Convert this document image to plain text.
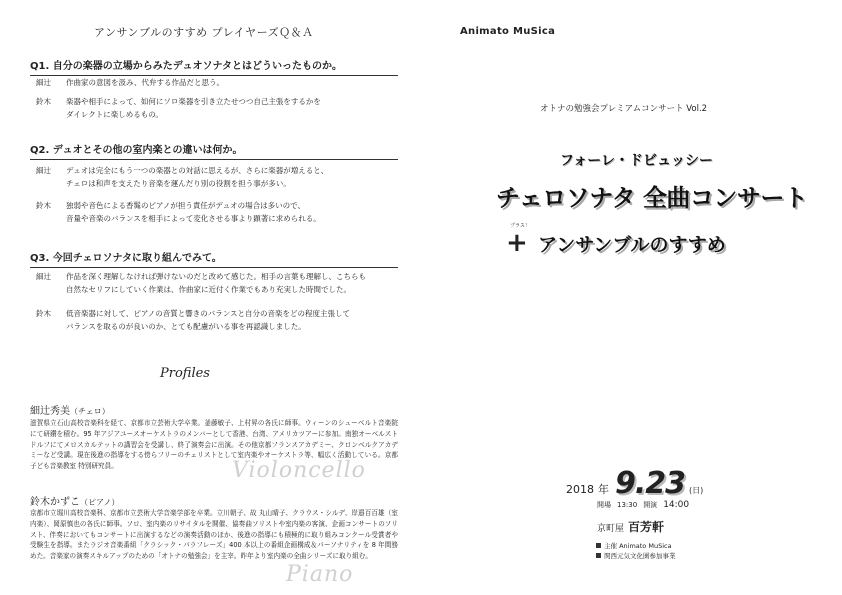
アンサンブルのすすめ プレイヤーズＱ＆Ａ
Q1. 自分の楽器の立場からみたデュオソナタとはどういったものか。
細辻	作曲家の意図を汲み、代弁する作品だと思う。
鈴木	楽器や相手によって、如何にソロ楽器を引き立たせつつ自己主張をするかを
ダイレクトに楽しめるもの。
Q2. デュオとその他の室内楽との違いは何か。
細辻	デュオは完全にもう一つの楽器との対話に思えるが、さらに楽器が増えると、
チェロは和声を支えたり音楽を運んだり別の役割を担う事が多い。
鈴木	独弱や音色による香髴のピアノが担う責任がデュオの場合は多いので、
音量や音楽のバランスを相手によって変化させる事より顕著に求められる。
Q3. 今回チェロソナタに取り組んでみて。
細辻	作品を深く理解しなければ弾けないのだと改めて感じた。相手の言葉も理解し、こちらも
自然なセリフにしていく作業は、作曲家に近付く作業でもあり充実した時間でした。
鈴木	低音楽器に対して、ピアノの音質と響きのバランスと自分の音楽をどの程度主張して
バランスを取るのが良いのか、とても配慮がいる事を再認識しました。
Profiles
細辻秀美（チェロ）
滋賀県立石山高校音楽科を経て、京都市立芸術大学卒業。釜藤敏子、上村昇の各氏に師事。ウィーンのシューベルト音楽院にて研鑚を積む。95 年アジアユースオーケストラのメンバーとして香港、台湾、アメリカツアーに参加。南独オーベルストドルフにてメロスカルテットの講習会を受講し、終了演奏会に出演。その他京都フランスアカデミー、クロンベルクアカデミーなど受講。現在後進の指導をする傍らフリーのチェリストとして室内楽やオーケストラ等、幅広く活動している。京都子ども音楽教室 特別研究員。
鈴木かずこ（ピアノ）
京都市立堀川高校音楽科、京都市立芸術大学音楽学部を卒業。立川朝子、故 丸山晴子、クラウス・シルデ、岸邉百百雄（室内楽）、岡原慎也の各氏に師事。ソロ、室内楽のリサイタルを開催、協奏曲ソリストや室内楽の客演、企画コンサートのソリスト、伴奏においてもコンサートに出演するなどの演奏活動のほか、後進の指導にも積極的に取り組みコンクール受賞者や受験生を指導。またラジオ音楽番組「クラシック・パラフレーズ」400 本以上の番組企画構成＆パーソナリティを 8 年間務めた。音楽家の演奏スキルアップのための「オトナの勉強会」を主宰。昨年より室内楽の全曲シリーズに取り組む。
Violoncello
Piano
Animato MuSica
オトナの勉強会プレミアムコンサート Vol.2
フォーレ・ドビュッシー
チェロソナタ 全曲コンサート
プラス！
+ アンサンブルのすすめ
2018 年 9.23 (日)
開場 13:30 開演 14:00
京町屋 百芳軒
主催 Animato MuSica
関西元気文化圏参加事業
